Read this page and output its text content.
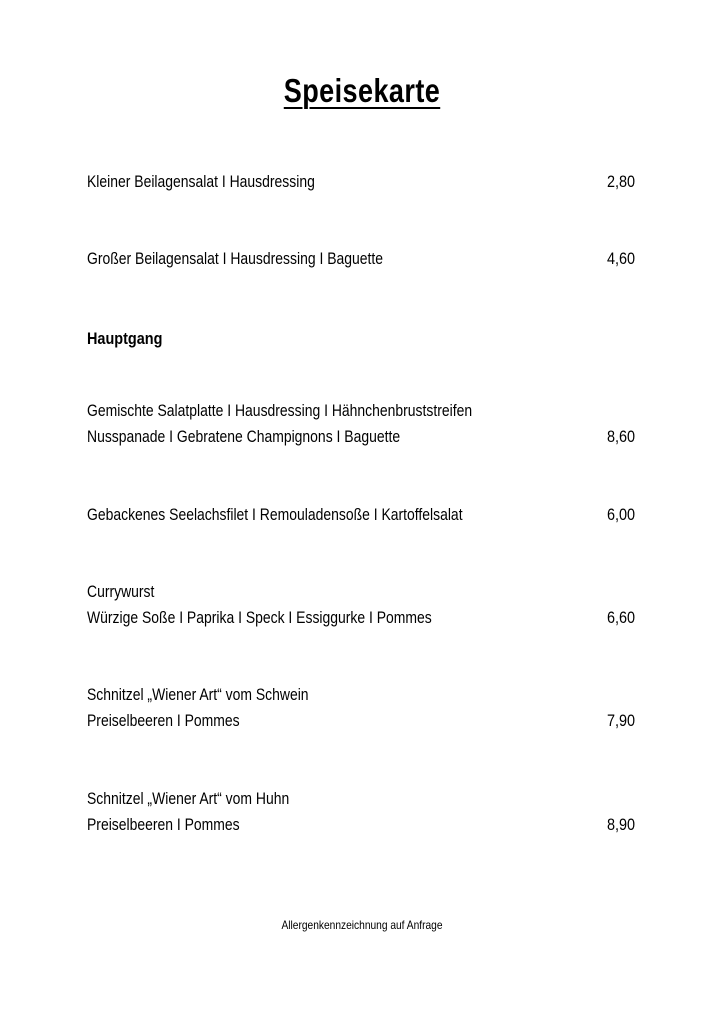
Speisekarte
Kleiner Beilagensalat I Hausdressing	2,80
Großer Beilagensalat I Hausdressing I Baguette	4,60
Hauptgang
Gemischte Salatplatte I Hausdressing I Hähnchenbruststreifen
Nusspanade I Gebratene Champignons I Baguette	8,60
Gebackenes Seelachsfilet I Remouladensoße I Kartoffelsalat	6,00
Currywurst
Würzige Soße I Paprika I Speck I Essiggurke I Pommes	6,60
Schnitzel „Wiener Art“ vom Schwein
Preiselbeeren I Pommes	7,90
Schnitzel „Wiener Art“ vom Huhn
Preiselbeeren I Pommes	8,90
Allergenkennzeichnung auf Anfrage
